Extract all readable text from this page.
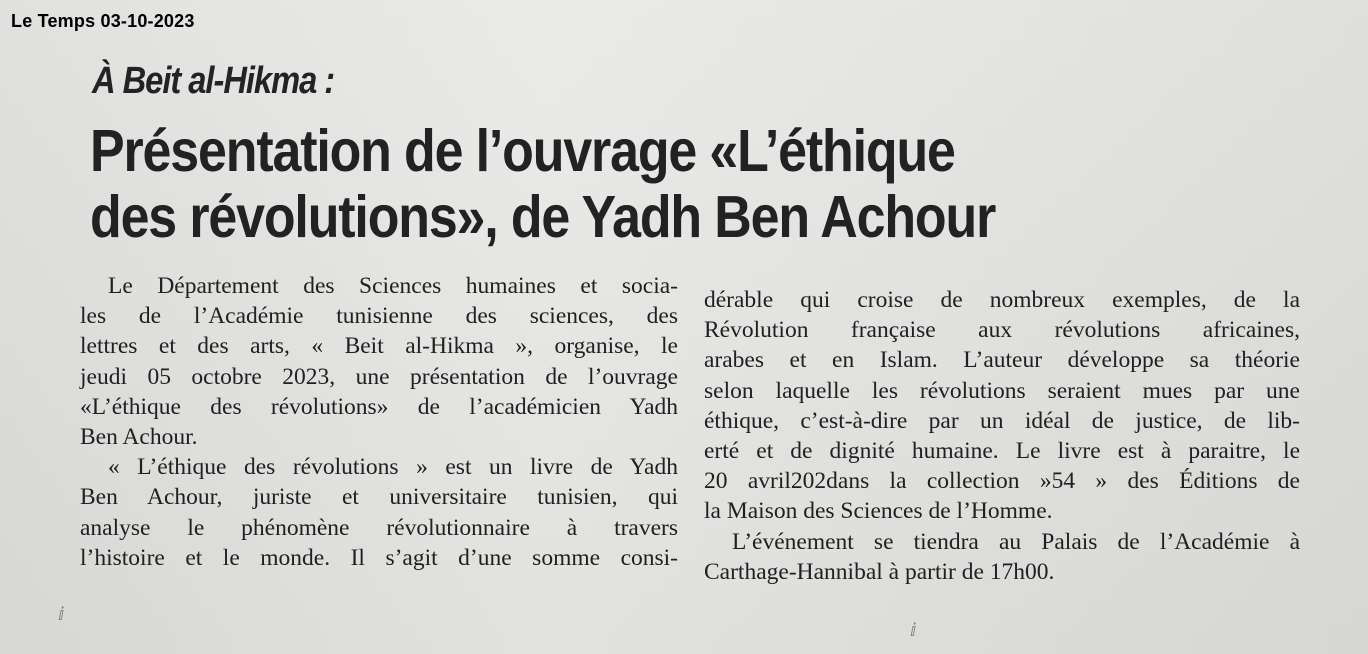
Le Temps 03-10-2023
À Beit al-Hikma :
Présentation de l’ouvrage «L’éthique
des révolutions», de Yadh Ben Achour
Le Département des Sciences humaines et socia-
les de l’Académie tunisienne des sciences, des
lettres et des arts, « Beit al-Hikma », organise, le
jeudi 05 octobre 2023, une présentation de l’ouvrage
«L’éthique des révolutions» de l’académicien Yadh
Ben Achour.
« L’éthique des révolutions » est un livre de Yadh
Ben Achour, juriste et universitaire tunisien, qui
analyse le phénomène révolutionnaire à travers
l’histoire et le monde. Il s’agit d’une somme consi-
dérable qui croise de nombreux exemples, de la
Révolution française aux révolutions africaines,
arabes et en Islam. L’auteur développe sa théorie
selon laquelle les révolutions seraient mues par une
éthique, c’est-à-dire par un idéal de justice, de lib-
erté et de dignité humaine. Le livre est à paraitre, le
20 avril202dans la collection »54 » des Éditions de
la Maison des Sciences de l’Homme.
L’événement se tiendra au Palais de l’Académie à
Carthage-Hannibal à partir de 17h00.
ⅈ
ⅈ
